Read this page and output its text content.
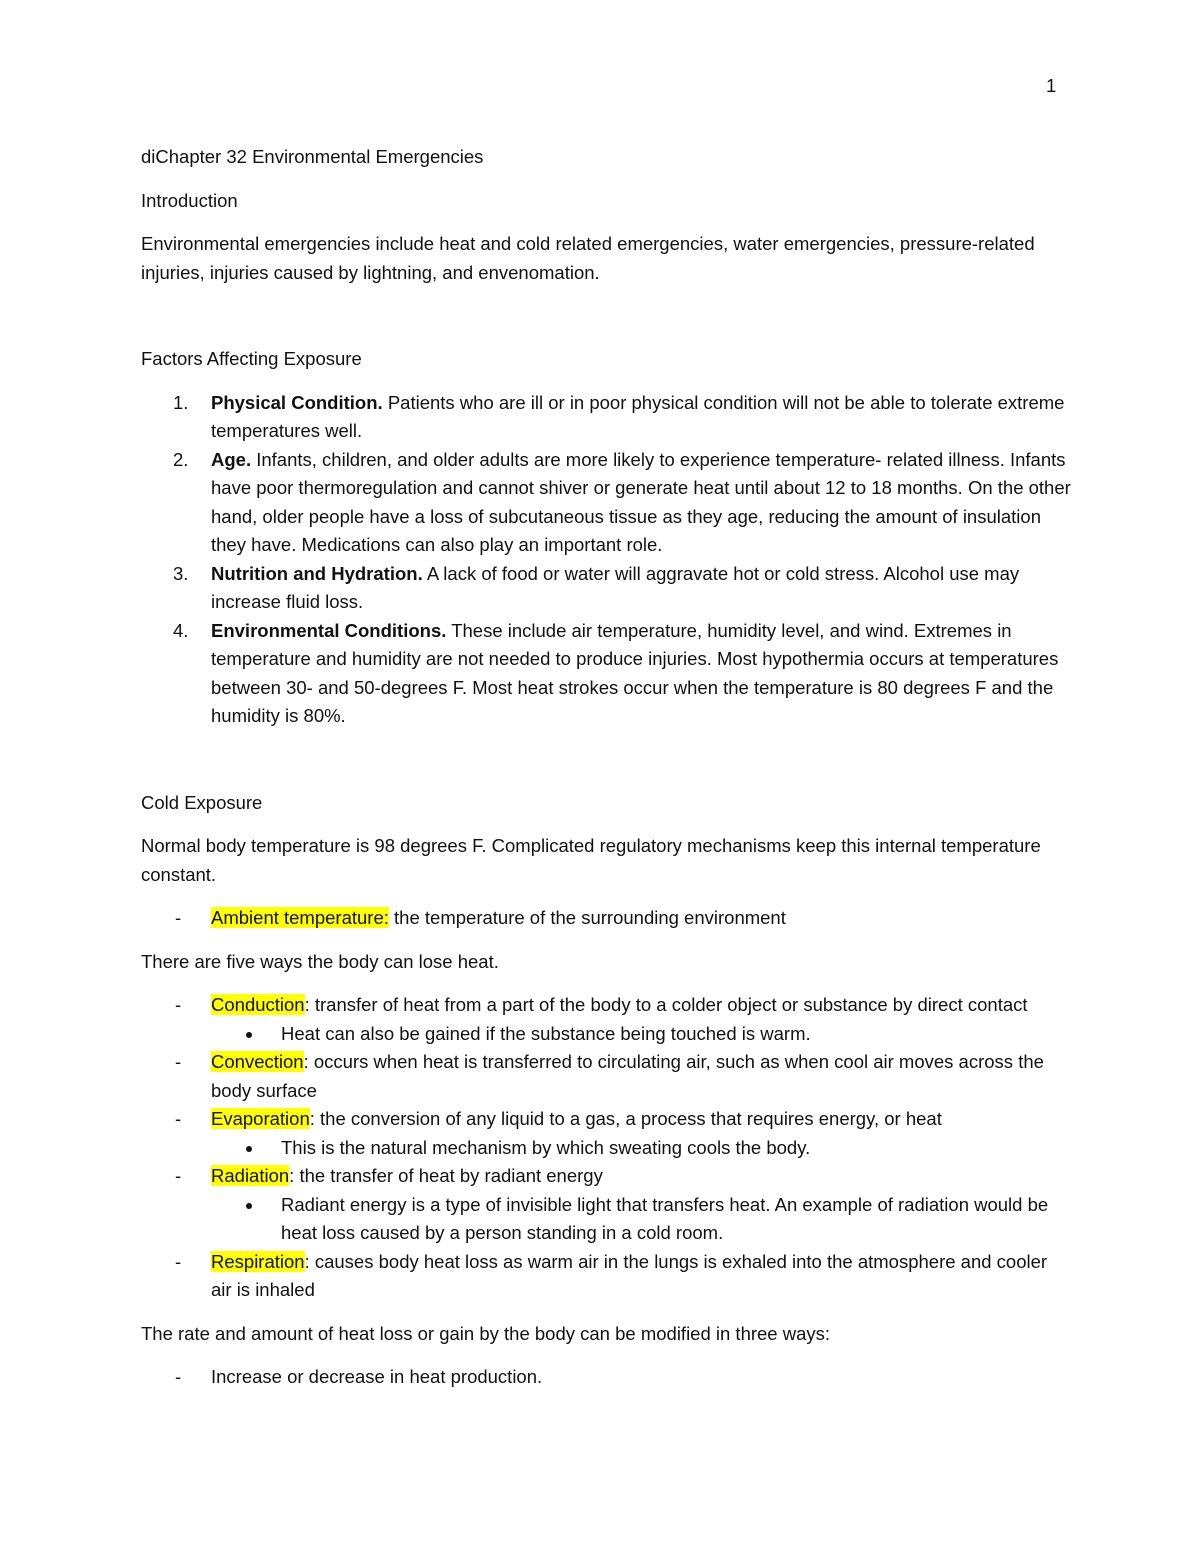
1

diChapter 32 Environmental Emergencies

Introduction

Environmental emergencies include heat and cold related emergencies, water emergencies, pressure-related injuries, injuries caused by lightning, and envenomation.

Factors Affecting Exposure

1. Physical Condition. Patients who are ill or in poor physical condition will not be able to tolerate extreme temperatures well.
2. Age. Infants, children, and older adults are more likely to experience temperature- related illness. Infants have poor thermoregulation and cannot shiver or generate heat until about 12 to 18 months. On the other hand, older people have a loss of subcutaneous tissue as they age, reducing the amount of insulation they have. Medications can also play an important role.
3. Nutrition and Hydration. A lack of food or water will aggravate hot or cold stress. Alcohol use may increase fluid loss.
4. Environmental Conditions. These include air temperature, humidity level, and wind. Extremes in temperature and humidity are not needed to produce injuries. Most hypothermia occurs at temperatures between 30- and 50-degrees F. Most heat strokes occur when the temperature is 80 degrees F and the humidity is 80%.

Cold Exposure

Normal body temperature is 98 degrees F. Complicated regulatory mechanisms keep this internal temperature constant.

- Ambient temperature: the temperature of the surrounding environment

There are five ways the body can lose heat.

- Conduction: transfer of heat from a part of the body to a colder object or substance by direct contact
Heat can also be gained if the substance being touched is warm.
- Convection: occurs when heat is transferred to circulating air, such as when cool air moves across the body surface
- Evaporation: the conversion of any liquid to a gas, a process that requires energy, or heat
This is the natural mechanism by which sweating cools the body.
- Radiation: the transfer of heat by radiant energy
Radiant energy is a type of invisible light that transfers heat. An example of radiation would be heat loss caused by a person standing in a cold room.
- Respiration: causes body heat loss as warm air in the lungs is exhaled into the atmosphere and cooler air is inhaled

The rate and amount of heat loss or gain by the body can be modified in three ways:

- Increase or decrease in heat production.
